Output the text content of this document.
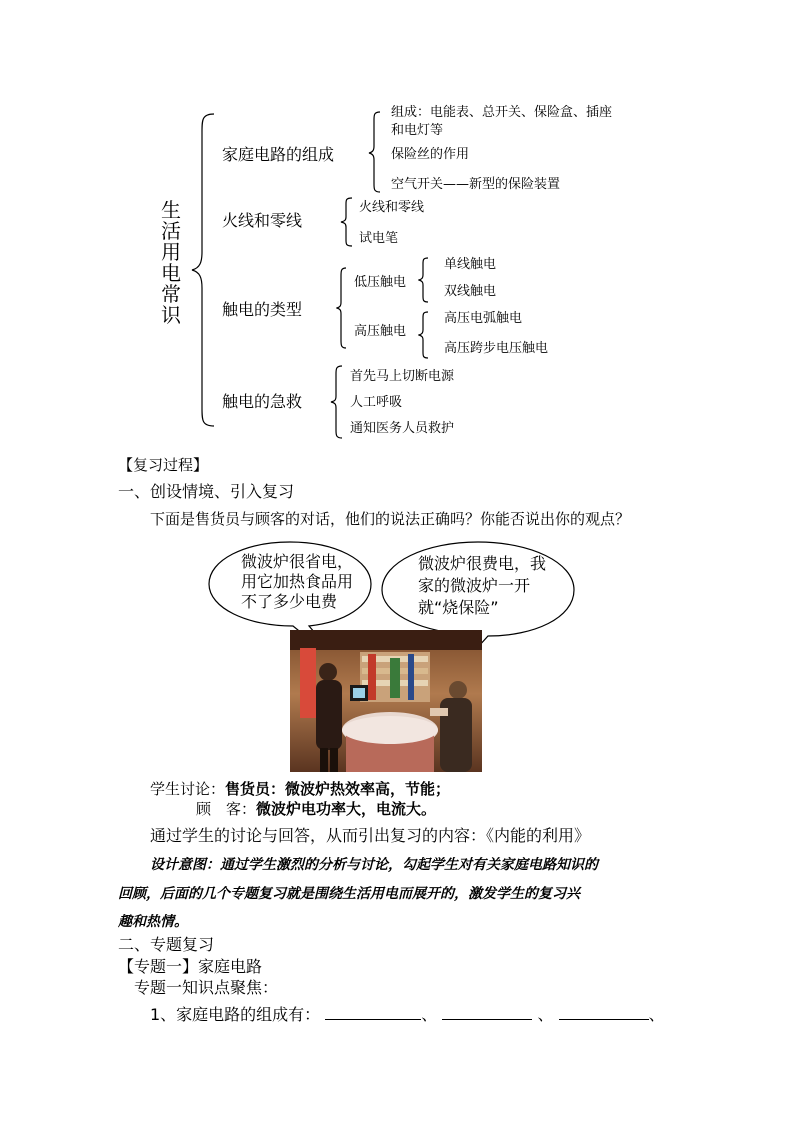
生活用电常识
家庭电路的组成
火线和零线
触电的类型
触电的急救
组成：电能表、总开关、保险盒、插座
和电灯等
保险丝的作用
空气开关——新型的保险装置
火线和零线
试电笔
低压触电
高压触电
单线触电
双线触电
高压电弧触电
高压跨步电压触电
首先马上切断电源
人工呼吸
通知医务人员救护
【复习过程】
一、创设情境、引入复习
下面是售货员与顾客的对话，他们的说法正确吗？你能否说出你的观点？
微波炉很省电，
用它加热食品用
不了多少电费
微波炉很费电，我
家的微波炉一开
就“烧保险”
学生讨论：售货员：微波炉热效率高，节能；
顾　客：微波炉电功率大，电流大。
通过学生的讨论与回答，从而引出复习的内容：《内能的利用》
设计意图：通过学生激烈的分析与讨论，勾起学生对有关家庭电路知识的
回顾，后面的几个专题复习就是围绕生活用电而展开的，激发学生的复习兴
趣和热情。
二、专题复习
【专题一】家庭电路
专题一知识点聚焦：
1、家庭电路的组成有：	、	、	、
